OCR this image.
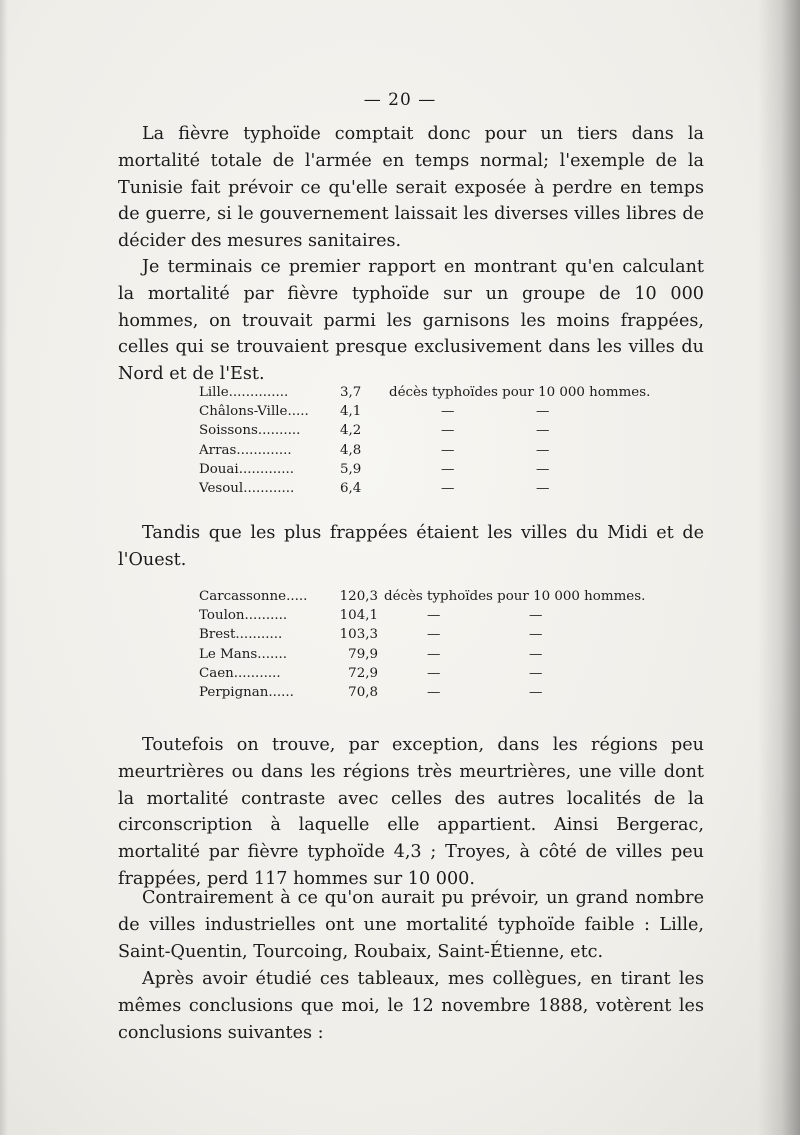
— 20 —

La fièvre typhoïde comptait donc pour un tiers dans la mortalité totale de l'armée en temps normal; l'exemple de la Tunisie fait prévoir ce qu'elle serait exposée à perdre en temps de guerre, si le gouvernement laissait les diverses villes libres de décider des mesures sanitaires.

Je terminais ce premier rapport en montrant qu'en calculant la mortalité par fièvre typhoïde sur un groupe de 10 000 hommes, on trouvait parmi les garnisons les moins frappées, celles qui se trouvaient presque exclusivement dans les villes du Nord et de l'Est.

Lille..............	3,7	décès typhoïdes pour 10 000 hommes.
Châlons-Ville.....	4,1	—	—
Soissons..........	4,2	—	—
Arras.............	4,8	—	—
Douai.............	5,9	—	—
Vesoul............	6,4	—	—

Tandis que les plus frappées étaient les villes du Midi et de l'Ouest.

Carcassonne.....	120,3 décès typhoïdes pour 10 000 hommes.
Toulon..........	104,1	—	—
Brest...........	103,3	—	—
Le Mans.......	79,9	—	—
Caen...........	72,9	—	—
Perpignan......	70,8	—	—

Toutefois on trouve, par exception, dans les régions peu meurtrières ou dans les régions très meurtrières, une ville dont la mortalité contraste avec celles des autres localités de la circonscription à laquelle elle appartient. Ainsi Bergerac, mortalité par fièvre typhoïde 4,3 ; Troyes, à côté de villes peu frappées, perd 117 hommes sur 10 000.

Contrairement à ce qu'on aurait pu prévoir, un grand nombre de villes industrielles ont une mortalité typhoïde faible : Lille, Saint-Quentin, Tourcoing, Roubaix, Saint-Étienne, etc.

Après avoir étudié ces tableaux, mes collègues, en tirant les mêmes conclusions que moi, le 12 novembre 1888, votèrent les conclusions suivantes :
